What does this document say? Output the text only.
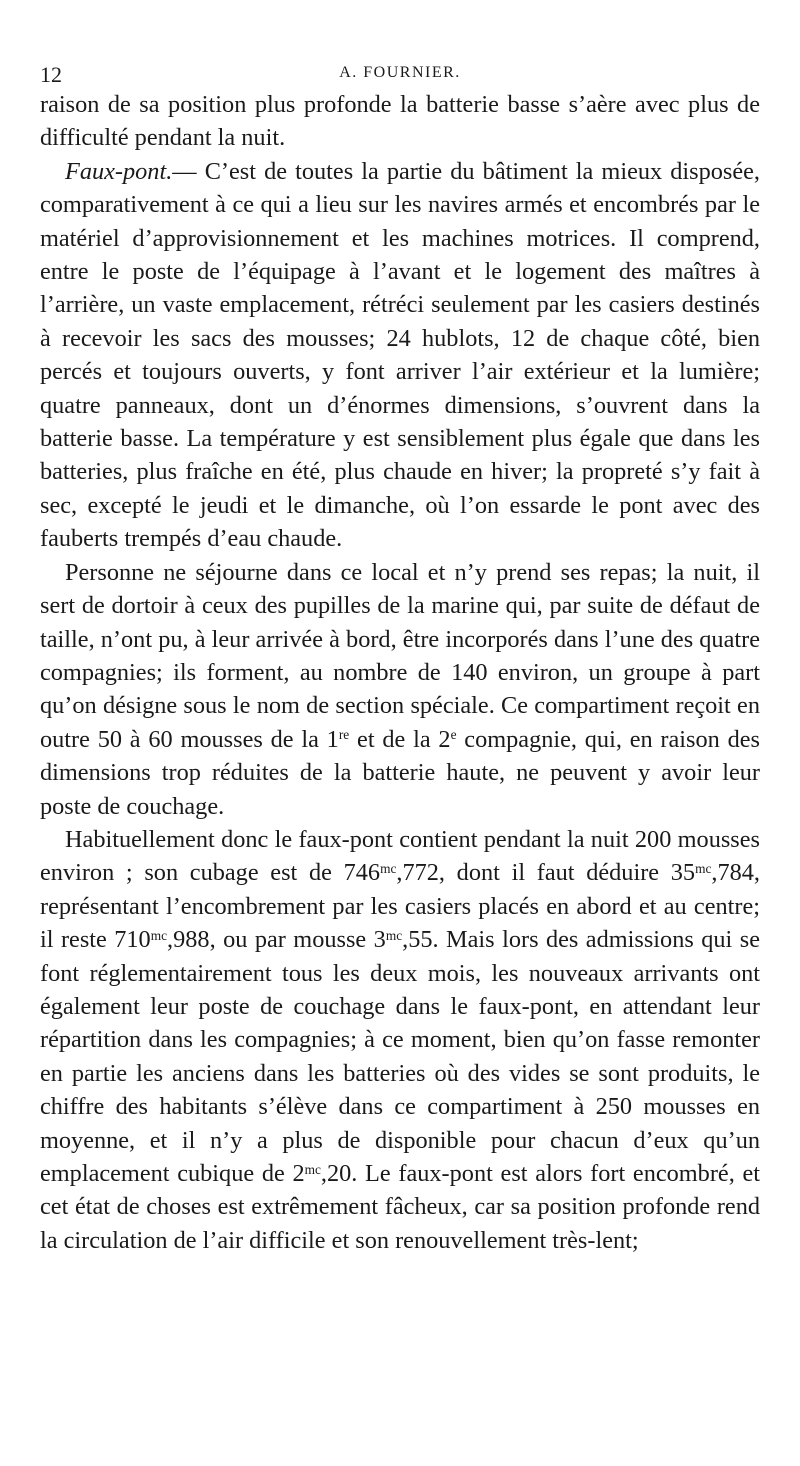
12	A. FOURNIER.

raison de sa position plus profonde la batterie basse s’aère avec plus de difficulté pendant la nuit.

Faux-pont.— C’est de toutes la partie du bâtiment la mieux disposée, comparativement à ce qui a lieu sur les navires armés et encombrés par le matériel d’approvisionnement et les machines motrices. Il comprend, entre le poste de l’équipage à l’avant et le logement des maîtres à l’arrière, un vaste emplacement, rétréci seulement par les casiers destinés à recevoir les sacs des mousses; 24 hublots, 12 de chaque côté, bien percés et toujours ouverts, y font arriver l’air extérieur et la lumière; quatre panneaux, dont un d’énormes dimensions, s’ouvrent dans la batterie basse. La température y est sensiblement plus égale que dans les batteries, plus fraîche en été, plus chaude en hiver; la propreté s’y fait à sec, excepté le jeudi et le dimanche, où l’on essarde le pont avec des fauberts trempés d’eau chaude.

Personne ne séjourne dans ce local et n’y prend ses repas; la nuit, il sert de dortoir à ceux des pupilles de la marine qui, par suite de défaut de taille, n’ont pu, à leur arrivée à bord, être incorporés dans l’une des quatre compagnies; ils forment, au nombre de 140 environ, un groupe à part qu’on désigne sous le nom de section spéciale. Ce compartiment reçoit en outre 50 à 60 mousses de la 1re et de la 2e compagnie, qui, en raison des dimensions trop réduites de la batterie haute, ne peuvent y avoir leur poste de couchage.

Habituellement donc le faux-pont contient pendant la nuit 200 mousses environ ; son cubage est de $746^{mc},772$, dont il faut déduire $35^{mc},784$, représentant l’encombrement par les casiers placés en abord et au centre; il reste $710^{mc},988$, ou par mousse $3^{mc},55$. Mais lors des admissions qui se font réglementairement tous les deux mois, les nouveaux arrivants ont également leur poste de couchage dans le faux-pont, en attendant leur répartition dans les compagnies; à ce moment, bien qu’on fasse remonter en partie les anciens dans les batteries où des vides se sont produits, le chiffre des habitants s’élève dans ce compartiment à 250 mousses en moyenne, et il n’y a plus de disponible pour chacun d’eux qu’un emplacement cubique de $2^{mc},20$. Le faux-pont est alors fort encombré, et cet état de choses est extrêmement fâcheux, car sa position profonde rend la circulation de l’air difficile et son renouvellement très-lent;
